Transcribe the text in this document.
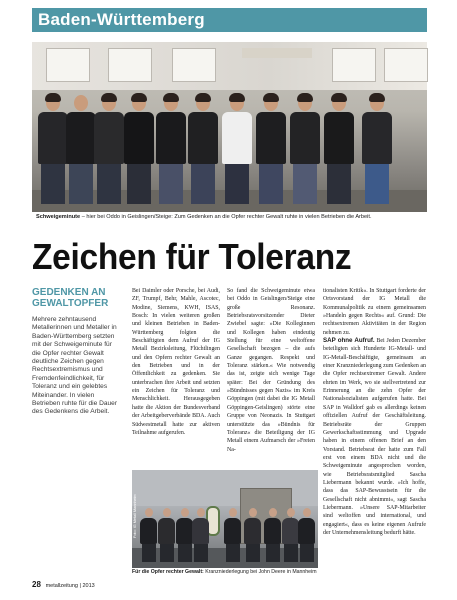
Baden-Württemberg
Foto: Joachim E. Röttgers
Schweigeminute – hier bei Oddo in Geislingen/Steige: Zum Gedenken an die Opfer rechter Gewalt ruhte in vielen Betrieben die Arbeit.
Zeichen für Toleranz
GEDENKEN AN
GEWALTOPFER
Mehrere zehntausend Metallerinnen und Metaller in Baden-Württemberg setzten mit der Schweigeminute für die Opfer rechter Gewalt deutliche Zeichen gegen Rechtsextremismus und Fremdenfeindlichkeit, für Toleranz und ein gelebtes Miteinander. In vielen Betrieben ruhte für die Dauer des Gedenkens die Arbeit.

Bei Daimler oder Porsche, bei Audi, ZF, Trumpf, Behr, Mahle, Ascotec, Modine, Siemens, KWH, ISAS, Bosch: In vielen weiteren großen und kleinen Betrieben in Baden-Württemberg folgten die Beschäftigten dem Aufruf der IG Metall Bezirksleitung, Flüchtlingen und den Opfern rechter Gewalt an den Betrieben und in der Öffentlichkeit zu gedenken. Sie unterbrachen ihre Arbeit und setzten ein Zeichen für Toleranz und Menschlichkeit. Herausgegeben hatte die Aktion der Bundesverband der Arbeitgeberverbände BDA. Auch Südwestmetall hatte zur aktiven Teilnahme aufgerufen.

So fand die Schweigeminute etwa bei Oddo in Geislingen/Steige eine große Resonanz. Betriebsratsvorsitzender Dieter Zwiebel sagte: »Die Kolleginnen und Kollegen haben eindeutig Stellung für eine weltoffene Gesellschaft bezogen – die aufs Ganze gegangen. Respekt und Toleranz stärken.« Wie notwendig das ist, zeigte sich wenige Tage später: Bei der Gründung des »Bündnisses gegen Nazis« im Kreis Göppingen (mit dabei die IG Metall Göppingen-Geislingen) störte eine Gruppe von Neonazis. In Stuttgart unterstützte das »Bündnis für Toleranz« die Beteiligung der IG Metall einem Aufmarsch der »Freien Na-

tionalisten Kritik«. In Stuttgart forderte der Ortsvorstand der IG Metall die Kommunalpolitik zu einem gemeinsamen »Handeln gegen Rechts« auf. Grund: Die rechtsextremen Aktivitäten in der Region nehmen zu.

SAP ohne Aufruf. Bei Jeden Dezember beteiligten sich Hunderte IG-Metall- und IG-Metall-Beschäftigte, gemeinsam an einer Kranzniederlegung zum Gedenken an die Opfer rechtsextremer Gewalt. Andere ehrten im Werk, wo sie stellvertretend zur Erinnerung an die zehn Opfer der Nationalsozialisten aufgerufen hatte. Bei SAP in Walldorf gab es allerdings keinen offiziellen Aufruf der Geschäftsleitung. Betriebsräte der Gruppen Gewerkschaftsstimmung und Upgrade haben in einem offenen Brief an den Vorstand. Betriebsrat der hatte zum Fall erst von einem BDA nicht und die Schweigeminute angesprochen worden, wie Betriebsratsmitglied Sascha Liebermann bekannt wurde. »Ich hoffe, dass das SAP-Bewusstsein für die Gesellschaft nicht abnimmt«, sagt Sascha Liebermann. »Unsere SAP-Mitarbeiter sind weltoffen und international, und engagiert«, dass es keine eigenen Aufrufe der Unternehmensleitung bedurft hätte.

Foto: IG Metall Mannheim
Für die Opfer rechter Gewalt: Kranzniederlegung bei John Deere in Mannheim
28 metallzeitung | 2013
